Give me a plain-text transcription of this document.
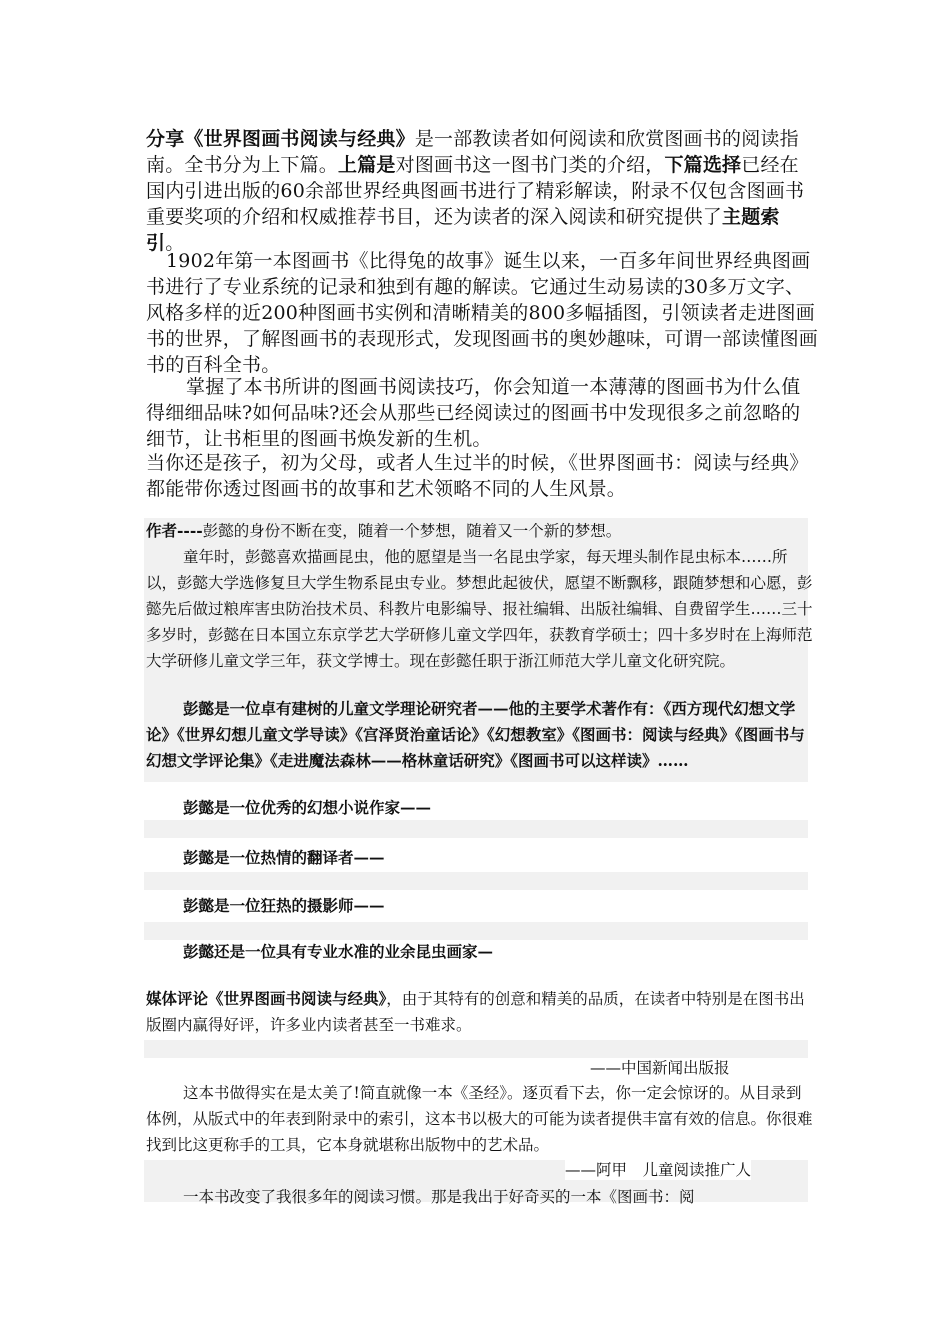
分享《世界图画书阅读与经典》是一部教读者如何阅读和欣赏图画书的阅读指南。全书分为上下篇。上篇是对图画书这一图书门类的介绍，下篇选择已经在国内引进出版的60余部世界经典图画书进行了精彩解读，附录不仅包含图画书重要奖项的介绍和权威推荐书目，还为读者的深入阅读和研究提供了主题索引。
1902年第一本图画书《比得兔的故事》诞生以来，一百多年间世界经典图画书进行了专业系统的记录和独到有趣的解读。它通过生动易读的30多万文字、风格多样的近200种图画书实例和清晰精美的800多幅插图，引领读者走进图画书的世界，了解图画书的表现形式，发现图画书的奥妙趣味，可谓一部读懂图画书的百科全书。
掌握了本书所讲的图画书阅读技巧，你会知道一本薄薄的图画书为什么值得细细品味?如何品味?还会从那些已经阅读过的图画书中发现很多之前忽略的细节，让书柜里的图画书焕发新的生机。
当你还是孩子，初为父母，或者人生过半的时候，《世界图画书：阅读与经典》都能带你透过图画书的故事和艺术领略不同的人生风景。
作者----彭懿的身份不断在变，随着一个梦想，随着又一个新的梦想。
童年时，彭懿喜欢描画昆虫，他的愿望是当一名昆虫学家，每天埋头制作昆虫标本……所以，彭懿大学选修复旦大学生物系昆虫专业。梦想此起彼伏，愿望不断飘移，跟随梦想和心愿，彭懿先后做过粮库害虫防治技术员、科教片电影编导、报社编辑、出版社编辑、自费留学生……三十多岁时，彭懿在日本国立东京学艺大学研修儿童文学四年，获教育学硕士；四十多岁时在上海师范大学研修儿童文学三年，获文学博士。现在彭懿任职于浙江师范大学儿童文化研究院。
彭懿是一位卓有建树的儿童文学理论研究者——他的主要学术著作有：《西方现代幻想文学论》《世界幻想儿童文学导读》《宫泽贤治童话论》《幻想教室》《图画书：阅读与经典》《图画书与幻想文学评论集》《走进魔法森林——格林童话研究》《图画书可以这样读》……
彭懿是一位优秀的幻想小说作家——
彭懿是一位热情的翻译者——
彭懿是一位狂热的摄影师——
彭懿还是一位具有专业水准的业余昆虫画家—
媒体评论《世界图画书阅读与经典》，由于其特有的创意和精美的品质，在读者中特别是在图书出版圈内赢得好评，许多业内读者甚至一书难求。
——中国新闻出版报
这本书做得实在是太美了!简直就像一本《圣经》。逐页看下去，你一定会惊讶的。从目录到体例，从版式中的年表到附录中的索引，这本书以极大的可能为读者提供丰富有效的信息。你很难找到比这更称手的工具，它本身就堪称出版物中的艺术品。
——阿甲　儿童阅读推广人
一本书改变了我很多年的阅读习惯。那是我出于好奇买的一本《图画书：阅
